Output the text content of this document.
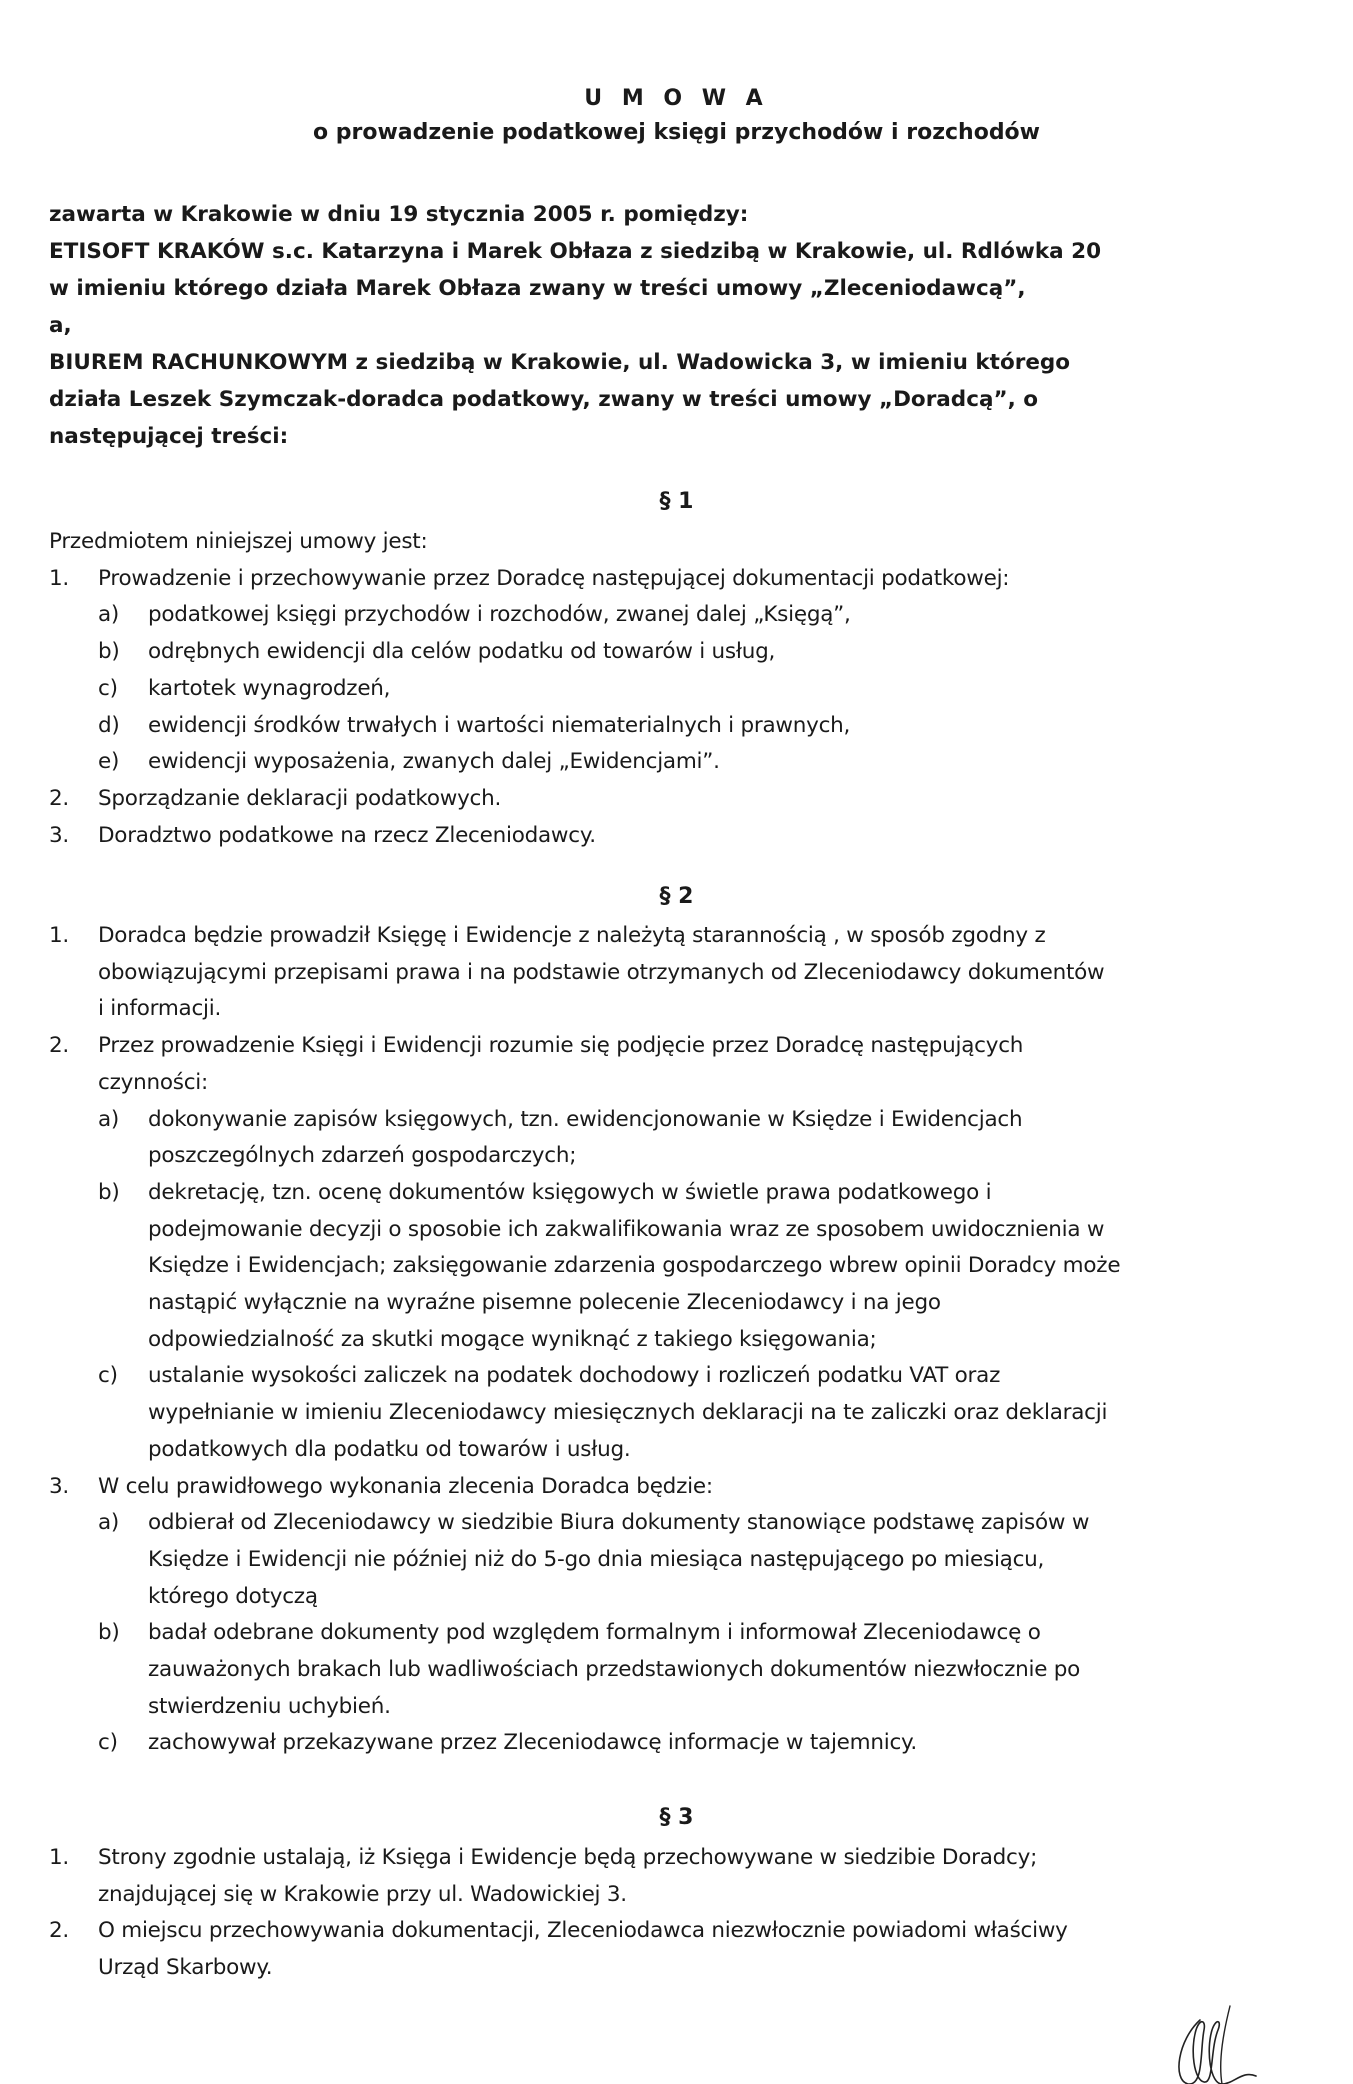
U M O W A
o prowadzenie podatkowej księgi przychodów i rozchodów
zawarta w Krakowie w dniu 19 stycznia 2005 r. pomiędzy:
ETISOFT KRAKÓW s.c. Katarzyna i Marek Obłaza z siedzibą w Krakowie, ul. Rdlówka 20
w imieniu którego działa Marek Obłaza zwany w treści umowy „Zleceniodawcą”,
a,
BIUREM RACHUNKOWYM z siedzibą w Krakowie, ul. Wadowicka 3, w imieniu którego
działa Leszek Szymczak-doradca podatkowy, zwany w treści umowy „Doradcą”, o
następującej treści:
§ 1
Przedmiotem niniejszej umowy jest:
1. Prowadzenie i przechowywanie przez Doradcę następującej dokumentacji podatkowej:
a) podatkowej księgi przychodów i rozchodów, zwanej dalej „Księgą”,
b) odrębnych ewidencji dla celów podatku od towarów i usług,
c) kartotek wynagrodzeń,
d) ewidencji środków trwałych i wartości niematerialnych i prawnych,
e) ewidencji wyposażenia, zwanych dalej „Ewidencjami”.
2. Sporządzanie deklaracji podatkowych.
3. Doradztwo podatkowe na rzecz Zleceniodawcy.
§ 2
1. Doradca będzie prowadził Księgę i Ewidencje z należytą starannością , w sposób zgodny z
obowiązującymi przepisami prawa i na podstawie otrzymanych od Zleceniodawcy dokumentów
i informacji.
2. Przez prowadzenie Księgi i Ewidencji rozumie się podjęcie przez Doradcę następujących
czynności:
a) dokonywanie zapisów księgowych, tzn. ewidencjonowanie w Księdze i Ewidencjach
poszczególnych zdarzeń gospodarczych;
b) dekretację, tzn. ocenę dokumentów księgowych w świetle prawa podatkowego i
podejmowanie decyzji o sposobie ich zakwalifikowania wraz ze sposobem uwidocznienia w
Księdze i Ewidencjach; zaksięgowanie zdarzenia gospodarczego wbrew opinii Doradcy może
nastąpić wyłącznie na wyraźne pisemne polecenie Zleceniodawcy i na jego
odpowiedzialność za skutki mogące wyniknąć z takiego księgowania;
c) ustalanie wysokości zaliczek na podatek dochodowy i rozliczeń podatku VAT oraz
wypełnianie w imieniu Zleceniodawcy miesięcznych deklaracji na te zaliczki oraz deklaracji
podatkowych dla podatku od towarów i usług.
3. W celu prawidłowego wykonania zlecenia Doradca będzie:
a) odbierał od Zleceniodawcy w siedzibie Biura dokumenty stanowiące podstawę zapisów w
Księdze i Ewidencji nie później niż do 5-go dnia miesiąca następującego po miesiącu,
którego dotyczą
b) badał odebrane dokumenty pod względem formalnym i informował Zleceniodawcę o
zauważonych brakach lub wadliwościach przedstawionych dokumentów niezwłocznie po
stwierdzeniu uchybień.
c) zachowywał przekazywane przez Zleceniodawcę informacje w tajemnicy.
§ 3
1. Strony zgodnie ustalają, iż Księga i Ewidencje będą przechowywane w siedzibie Doradcy;
znajdującej się w Krakowie przy ul. Wadowickiej 3.
2. O miejscu przechowywania dokumentacji, Zleceniodawca niezwłocznie powiadomi właściwy
Urząd Skarbowy.
